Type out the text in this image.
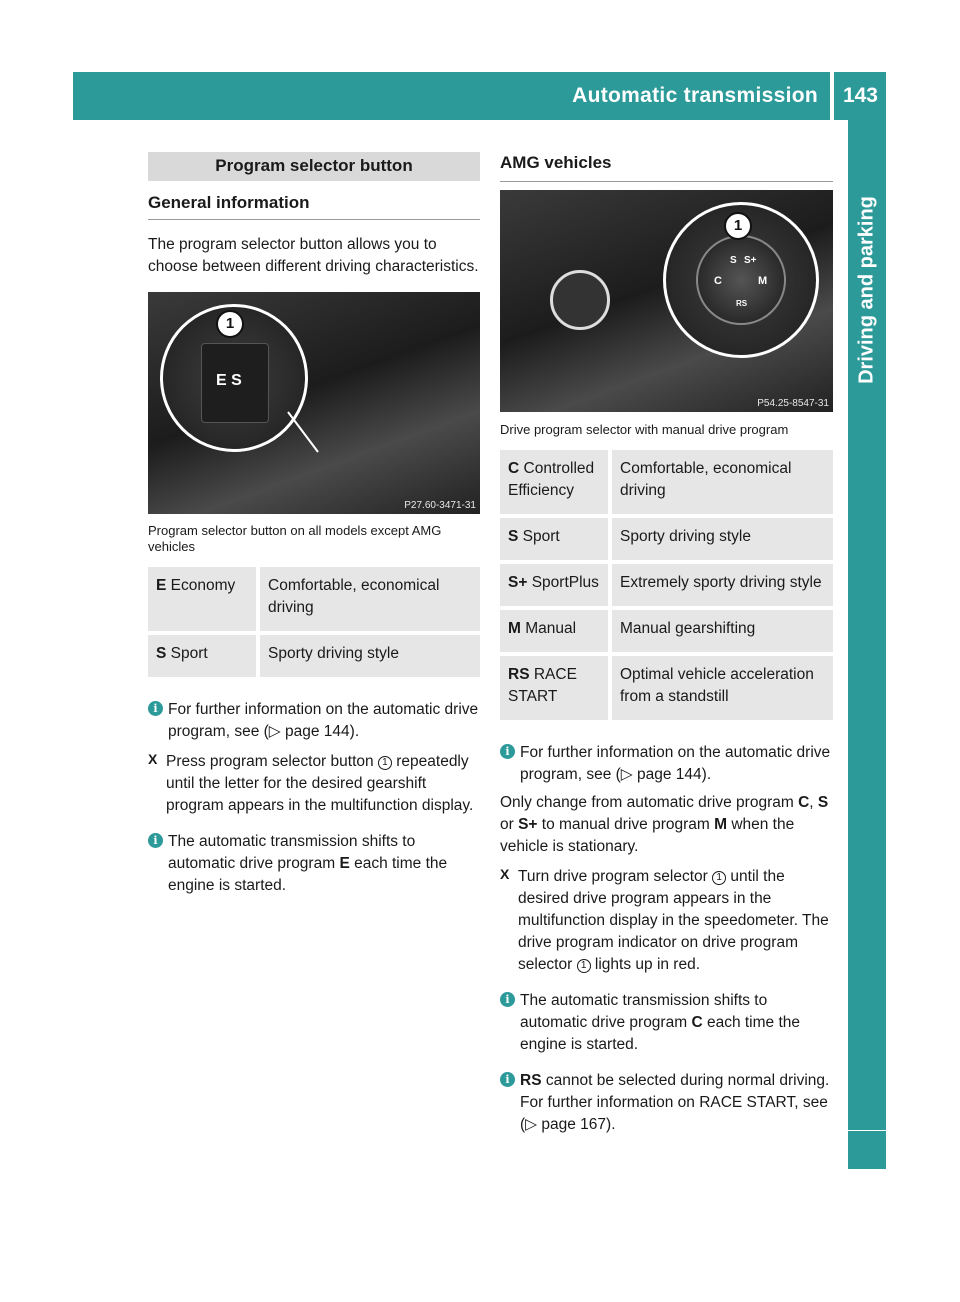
Automatic transmission 143
Driving and parking
Program selector button
General information

The program selector button allows you to choose between different driving characteristics.

E S
1
P27.60-3471-31
Program selector button on all models except AMG vehicles
E Economy	Comfortable, economical driving
S Sport	Sporty driving style
i For further information on the automatic drive program, see (▷ page 144).

X Press program selector button 1 repeatedly until the letter for the desired gearshift program appears in the multifunction display.

i The automatic transmission shifts to automatic drive program E each time the engine is started.

AMG vehicles
S S+
C	M
RS
1
P54.25-8547-31
Drive program selector with manual drive program
C Controlled Efficiency	Comfortable, economical driving
S Sport	Sporty driving style
S+ SportPlus	Extremely sporty driving style
M Manual	Manual gearshifting
RS RACE START	Optimal vehicle acceleration from a standstill
i For further information on the automatic drive program, see (▷ page 144).

Only change from automatic drive program C, S or S+ to manual drive program M when the vehicle is stationary.

X Turn drive program selector 1 until the desired drive program appears in the multifunction display in the speedometer. The drive program indicator on drive program selector 1 lights up in red.

i The automatic transmission shifts to automatic drive program C each time the engine is started.

i RS cannot be selected during normal driving. For further information on RACE START, see (▷ page 167).
